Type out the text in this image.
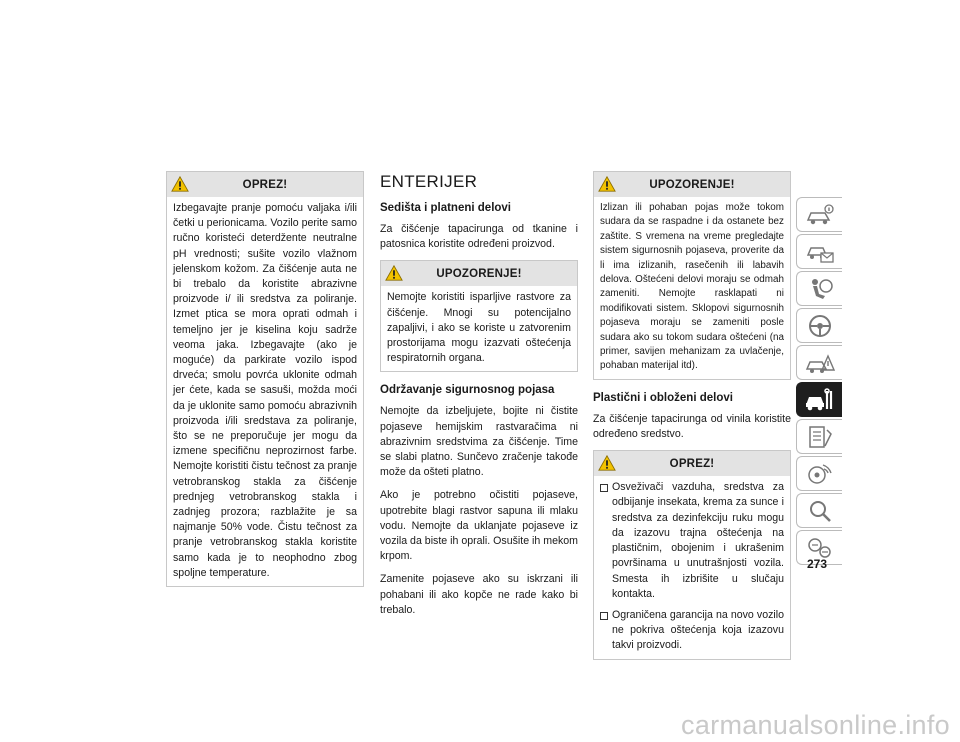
OPREZ!
Izbegavajte pranje pomoću valjaka i/ili četki u perionicama. Vozilo perite samo ručno koristeći deterdžente neutralne pH vrednosti; sušite vozilo vlažnom jelenskom kožom. Za čišćenje auta ne bi trebalo da koristite abrazivne proizvode i/ ili sredstva za poliranje. Izmet ptica se mora oprati odmah i temeljno jer je kiselina koju sadrže veoma jaka. Izbegavajte (ako je moguće) da parkirate vozilo ispod drveća; smolu povrća uklonite odmah jer ćete, kada se sasuši, možda moći da je uklonite samo pomoću abrazivnih proizvoda i/ili sredstava za poliranje, što se ne preporučuje jer mogu da izmene specifičnu neprozirnost farbe. Nemojte koristiti čistu tečnost za pranje vetrobranskog stakla za čišćenje prednjeg vetrobranskog stakla i zadnjeg prozora; razblažite je sa najmanje 50% vode. Čistu tečnost za pranje vetrobranskog stakla koristite samo kada je to neophodno zbog spoljne temperature.
ENTERIJER
Sedišta i platneni delovi
Za čišćenje tapacirunga od tkanine i patosnica koristite određeni proizvod.
UPOZORENJE!
Nemojte koristiti isparljive rastvore za čišćenje. Mnogi su potencijalno zapaljivi, i ako se koriste u zatvorenim prostorijama mogu izazvati oštećenja respiratornih organa.
Održavanje sigurnosnog pojasa
Nemojte da izbeljujete, bojite ni čistite pojaseve hemijskim rastvaračima ni abrazivnim sredstvima za čišćenje. Time se slabi platno. Sunčevo zračenje takođe može da ošteti platno.
Ako je potrebno očistiti pojaseve, upotrebite blagi rastvor sapuna ili mlaku vodu. Nemojte da uklanjate pojaseve iz vozila da biste ih oprali. Osušite ih mekom krpom.
Zamenite pojaseve ako su iskrzani ili pohabani ili ako kopče ne rade kako bi trebalo.
UPOZORENJE!
Izlizan ili pohaban pojas može tokom sudara da se raspadne i da ostanete bez zaštite. S vremena na vreme pregledajte sistem sigurnosnih pojaseva, proverite da li ima izlizanih, rasečenih ili labavih delova. Oštećeni delovi moraju se odmah zameniti. Nemojte rasklapati ni modifikovati sistem. Sklopovi sigurnosnih pojaseva moraju se zameniti posle sudara ako su tokom sudara oštećeni (na primer, savijen mehanizam za uvlačenje, pohaban materijal itd).
Plastični i obloženi delovi
Za čišćenje tapacirunga od vinila koristite određeno sredstvo.
OPREZ!
Osveživači vazduha, sredstva za odbijanje insekata, krema za sunce i sredstva za dezinfekciju ruku mogu da izazovu trajna oštećenja na plastičnim, obojenim i ukrašenim površinama u unutrašnjosti vozila. Smesta ih izbrišite u slučaju kontakta.
Ograničena garancija na novo vozilo ne pokriva oštećenja koja izazovu takvi proizvodi.
273
carmanualsonline.info
